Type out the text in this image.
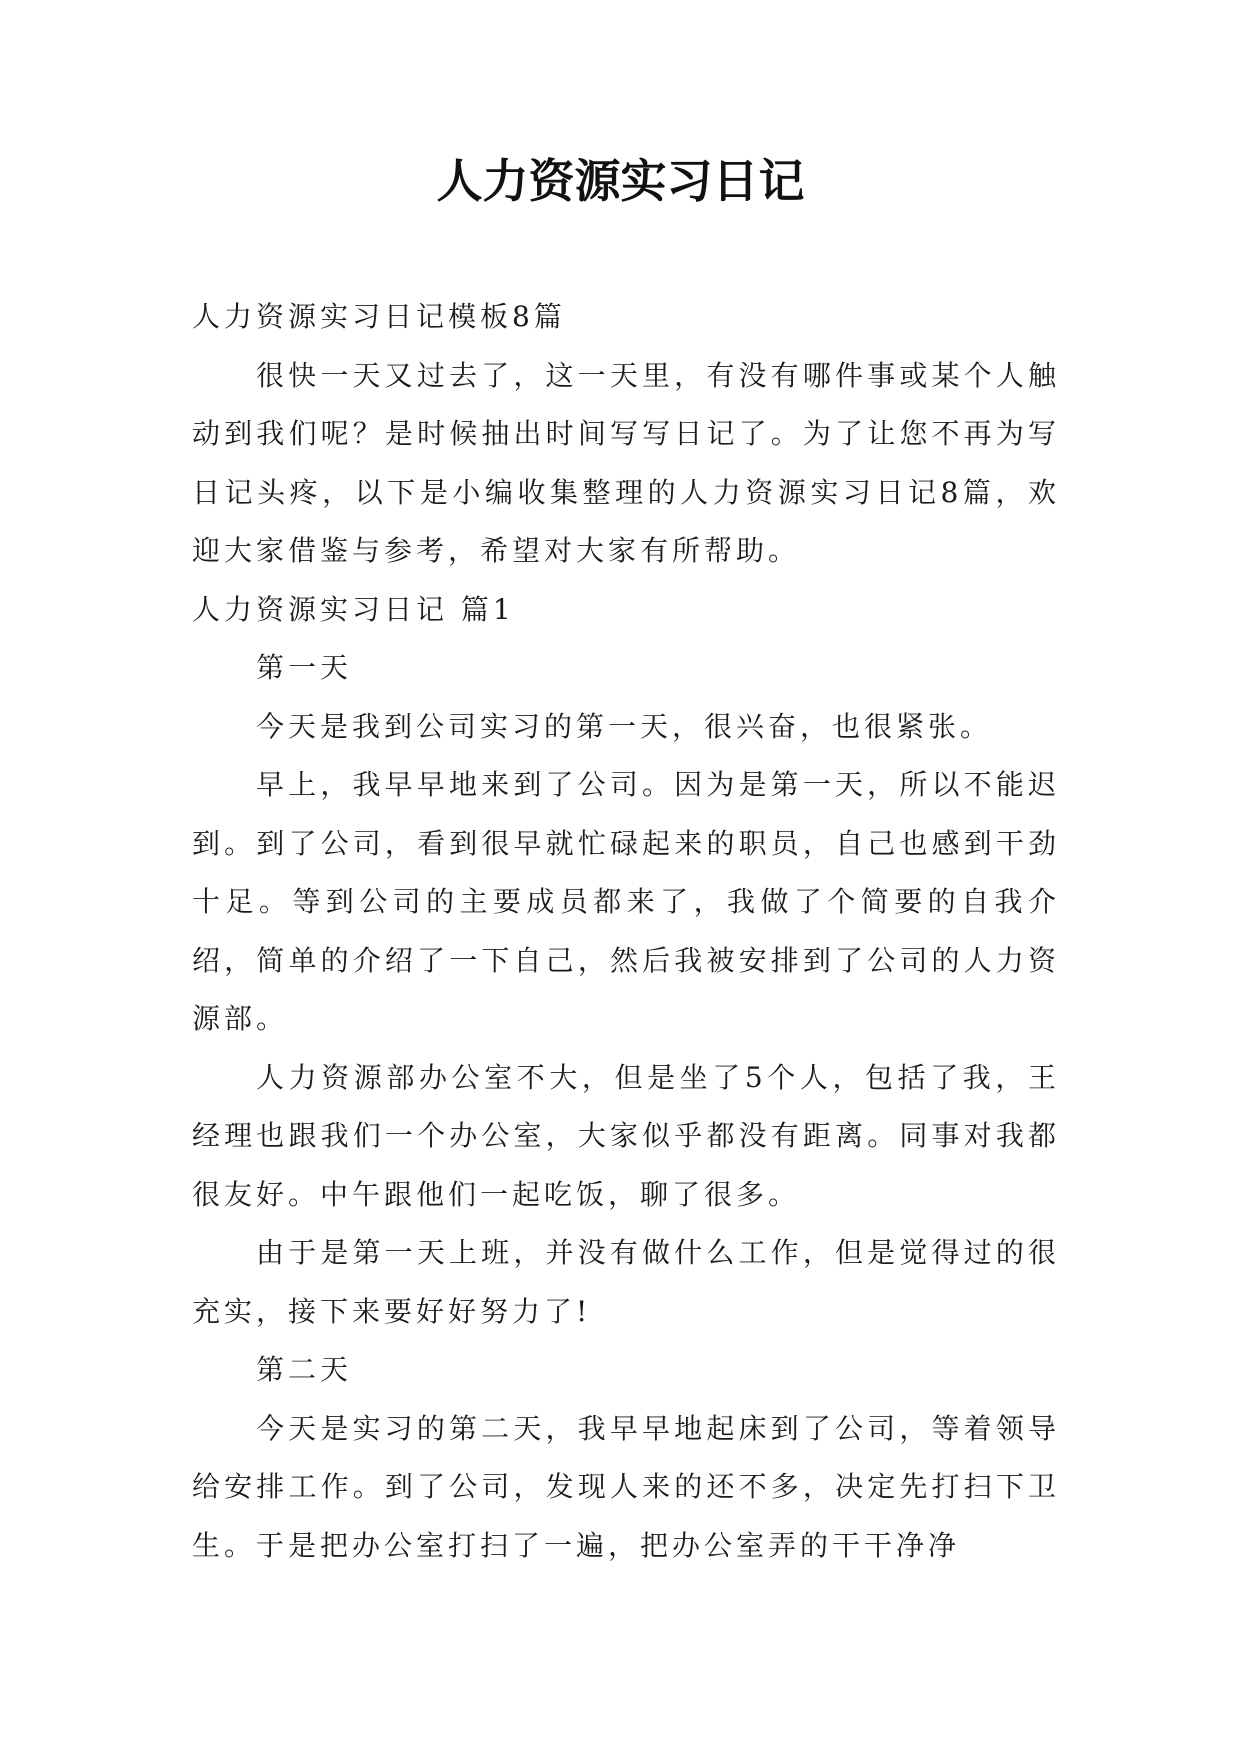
人力资源实习日记

人力资源实习日记模板8篇

很快一天又过去了，这一天里，有没有哪件事或某个人触动到我们呢？是时候抽出时间写写日记了。为了让您不再为写日记头疼，以下是小编收集整理的人力资源实习日记8篇，欢迎大家借鉴与参考，希望对大家有所帮助。

人力资源实习日记 篇1

第一天

今天是我到公司实习的第一天，很兴奋，也很紧张。

早上，我早早地来到了公司。因为是第一天，所以不能迟到。到了公司，看到很早就忙碌起来的职员，自己也感到干劲十足。等到公司的主要成员都来了，我做了个简要的自我介绍，简单的介绍了一下自己，然后我被安排到了公司的人力资源部。

人力资源部办公室不大，但是坐了5个人，包括了我，王经理也跟我们一个办公室，大家似乎都没有距离。同事对我都很友好。中午跟他们一起吃饭，聊了很多。

由于是第一天上班，并没有做什么工作，但是觉得过的很充实，接下来要好好努力了!

第二天

今天是实习的第二天，我早早地起床到了公司，等着领导给安排工作。到了公司，发现人来的还不多，决定先打扫下卫生。于是把办公室打扫了一遍，把办公室弄的干干净净
